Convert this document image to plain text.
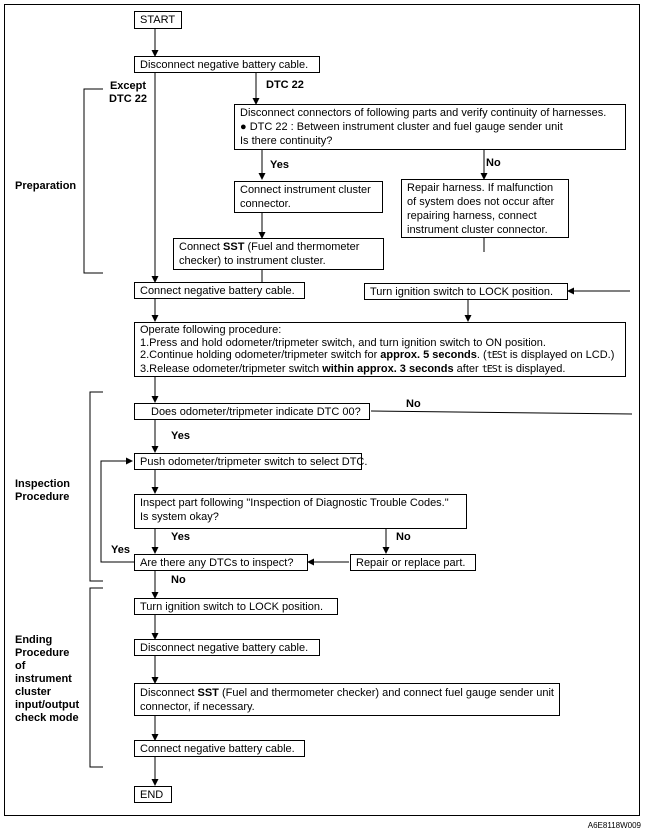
START
Disconnect negative battery cable.
Except
DTC 22
DTC 22
Disconnect connectors of following parts and verify continuity of harnesses.
● DTC 22 : Between instrument cluster and fuel gauge sender unit
Is there continuity?
Yes	No
Connect instrument cluster
connector.
Repair harness. If malfunction
of system does not occur after
repairing harness, connect
instrument cluster connector.
Connect SST (Fuel and thermometer
checker) to instrument cluster.
Connect negative battery cable.	Turn ignition switch to LOCK position.
Operate following procedure:
1.Press and hold odometer/tripmeter switch, and turn ignition switch to ON position.
2.Continue holding odometer/tripmeter switch for approx. 5 seconds. (tESt is displayed on LCD.)
3.Release odometer/tripmeter switch within approx. 3 seconds after tESt is displayed.
Does odometer/tripmeter indicate DTC 00?
No
Yes
Push odometer/tripmeter switch to select DTC.
Inspect part following "Inspection of Diagnostic Trouble Codes."
Is system okay?
Yes	No
Yes
Are there any DTCs to inspect?	Repair or replace part.
No
Turn ignition switch to LOCK position.
Disconnect negative battery cable.
Disconnect SST (Fuel and thermometer checker) and connect fuel gauge sender unit
connector, if necessary.
Connect negative battery cable.
END
Preparation
Inspection
Procedure
Ending
Procedure
of
instrument
cluster
input/output
check mode
A6E8118W009
